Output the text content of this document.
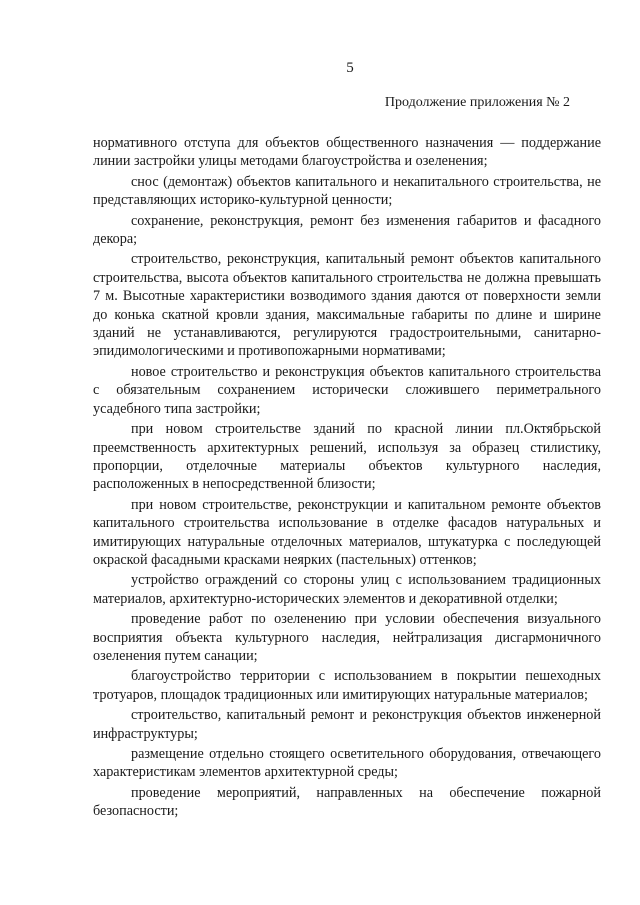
5
Продолжение приложения № 2

нормативного отступа для объектов общественного назначения — поддержание линии застройки улицы методами благоустройства и озеленения;

снос (демонтаж) объектов капитального и некапитального строительства, не представляющих историко-культурной ценности;

сохранение, реконструкция, ремонт без изменения габаритов и фасадного декора;

строительство, реконструкция, капитальный ремонт объектов капитального строительства, высота объектов капитального строительства не должна превышать 7 м. Высотные характеристики возводимого здания даются от поверхности земли до конька скатной кровли здания, максимальные габариты по длине и ширине зданий не устанавливаются, регулируются градостроительными, санитарно-эпидимологическими и противопожарными нормативами;

новое строительство и реконструкция объектов капитального строительства с обязательным сохранением исторически сложившего периметрального усадебного типа застройки;

при новом строительстве зданий по красной линии пл.Октябрьской преемственность архитектурных решений, используя за образец стилистику, пропорции, отделочные материалы объектов культурного наследия, расположенных в непосредственной близости;

при новом строительстве, реконструкции и капитальном ремонте объектов капитального строительства использование в отделке фасадов натуральных и имитирующих натуральные отделочных материалов, штукатурка с последующей окраской фасадными красками неярких (пастельных) оттенков;

устройство ограждений со стороны улиц с использованием традиционных материалов, архитектурно-исторических элементов и декоративной отделки;

проведение работ по озеленению при условии обеспечения визуального восприятия объекта культурного наследия, нейтрализация дисгармоничного озеленения путем санации;

благоустройство территории с использованием в покрытии пешеходных тротуаров, площадок традиционных или имитирующих натуральные материалов;

строительство, капитальный ремонт и реконструкция объектов инженерной инфраструктуры;

размещение отдельно стоящего осветительного оборудования, отвечающего характеристикам элементов архитектурной среды;

проведение мероприятий, направленных на обеспечение пожарной безопасности;
